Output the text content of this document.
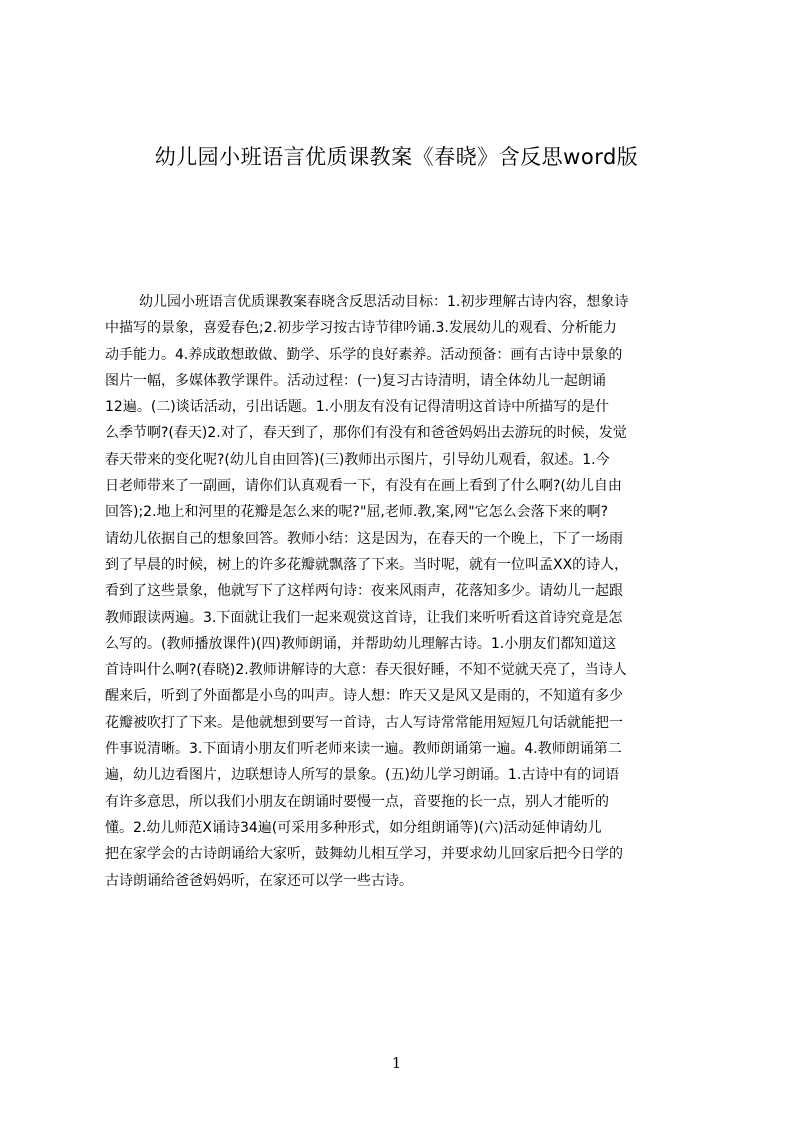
幼儿园小班语言优质课教案《春晓》含反思word版
幼儿园小班语言优质课教案春晓含反思活动目标：1.初步理解古诗内容，想象诗
中描写的景象，喜爱春色;2.初步学习按古诗节律吟诵.3.发展幼儿的观看、分析能力
动手能力。4.养成敢想敢做、勤学、乐学的良好素养。活动预备：画有古诗中景象的
图片一幅，多媒体教学课件。活动过程：(一)复习古诗清明，请全体幼儿一起朗诵
12遍。(二)谈话活动，引出话题。1.小朋友有没有记得清明这首诗中所描写的是什
么季节啊?(春天)2.对了，春天到了，那你们有没有和爸爸妈妈出去游玩的时候，发觉
春天带来的变化呢?(幼儿自由回答)(三)教师出示图片，引导幼儿观看，叙述。1.今
日老师带来了一副画，请你们认真观看一下，有没有在画上看到了什么啊?(幼儿自由
回答);2.地上和河里的花瓣是怎么来的呢?"屈,老师.教,案,网"它怎么会落下来的啊?
请幼儿依据自己的想象回答。教师小结：这是因为，在春天的一个晚上，下了一场雨
到了早晨的时候，树上的许多花瓣就飘落了下来。当时呢，就有一位叫孟XX的诗人，
看到了这些景象，他就写下了这样两句诗：夜来风雨声，花落知多少。请幼儿一起跟
教师跟读两遍。3.下面就让我们一起来观赏这首诗，让我们来听听看这首诗究竟是怎
么写的。(教师播放课件)(四)教师朗诵，并帮助幼儿理解古诗。1.小朋友们都知道这
首诗叫什么啊?(春晓)2.教师讲解诗的大意：春天很好睡，不知不觉就天亮了，当诗人
醒来后，听到了外面都是小鸟的叫声。诗人想：昨天又是风又是雨的，不知道有多少
花瓣被吹打了下来。是他就想到要写一首诗，古人写诗常常能用短短几句话就能把一
件事说清晰。3.下面请小朋友们听老师来读一遍。教师朗诵第一遍。4.教师朗诵第二
遍，幼儿边看图片，边联想诗人所写的景象。(五)幼儿学习朗诵。1.古诗中有的词语
有许多意思，所以我们小朋友在朗诵时要慢一点，音要拖的长一点，别人才能听的
懂。2.幼儿师范X诵诗34遍(可采用多种形式，如分组朗诵等)(六)活动延伸请幼儿
把在家学会的古诗朗诵给大家听，鼓舞幼儿相互学习，并要求幼儿回家后把今日学的
古诗朗诵给爸爸妈妈听，在家还可以学一些古诗。
1
